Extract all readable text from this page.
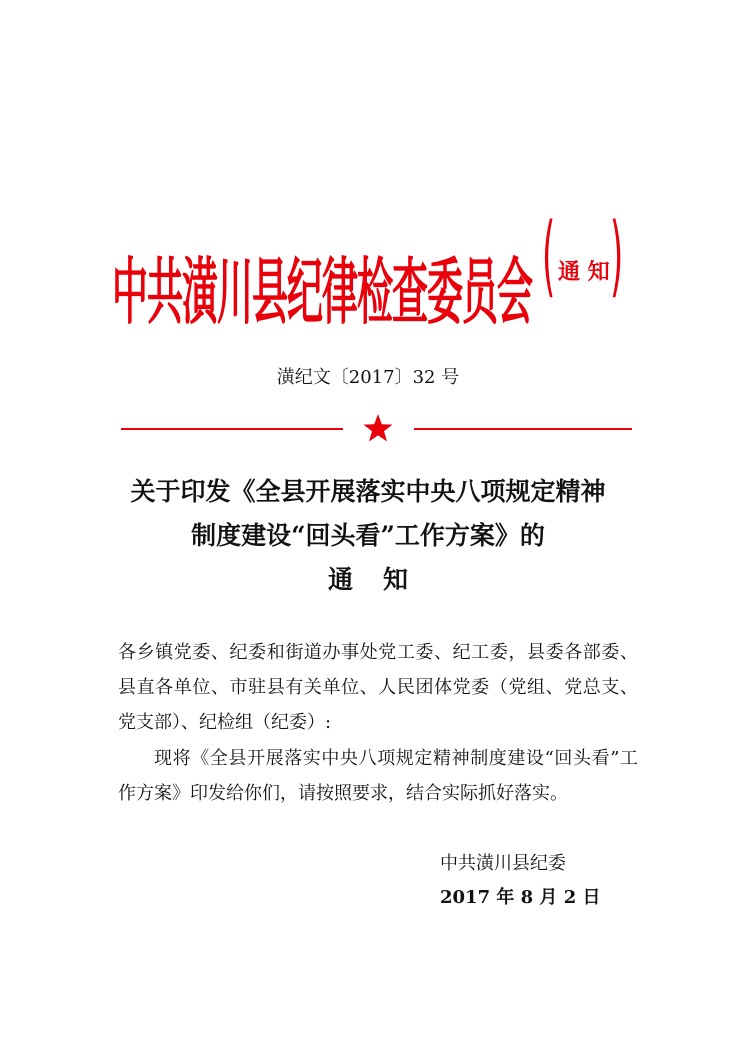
中共潢川县纪律检查委员会 ( 通 知 )
潢纪文〔2017〕32 号
关于印发《全县开展落实中央八项规定精神
制度建设“回头看”工作方案》的
通知
各乡镇党委、纪委和街道办事处党工委、纪工委，县委各部委、县直各单位、市驻县有关单位、人民团体党委（党组、党总支、党支部）、纪检组（纪委）:
现将《全县开展落实中央八项规定精神制度建设“回头看”工作方案》印发给你们，请按照要求，结合实际抓好落实。
中共潢川县纪委
2017 年 8 月 2 日
